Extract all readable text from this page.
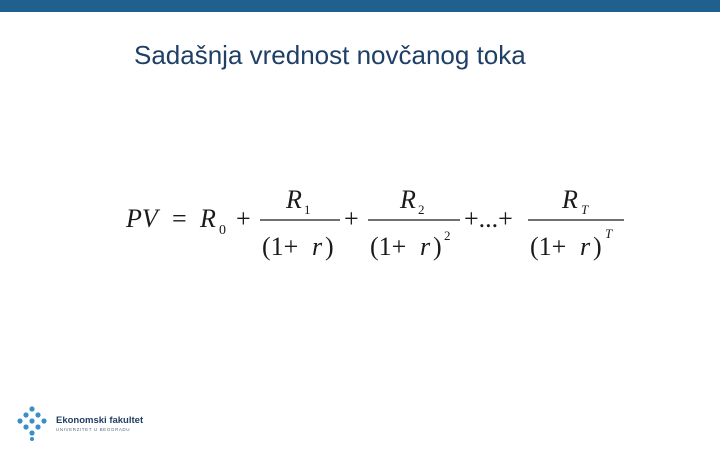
Sadašnja vrednost novčanog toka
PV = R 0 +
R 1
(1+ r )
+
R 2
(1+ r ) 2
+...+
R T
(1+ r ) T
Ekonomski fakultet
UNIVERZITET U BEOGRADU
